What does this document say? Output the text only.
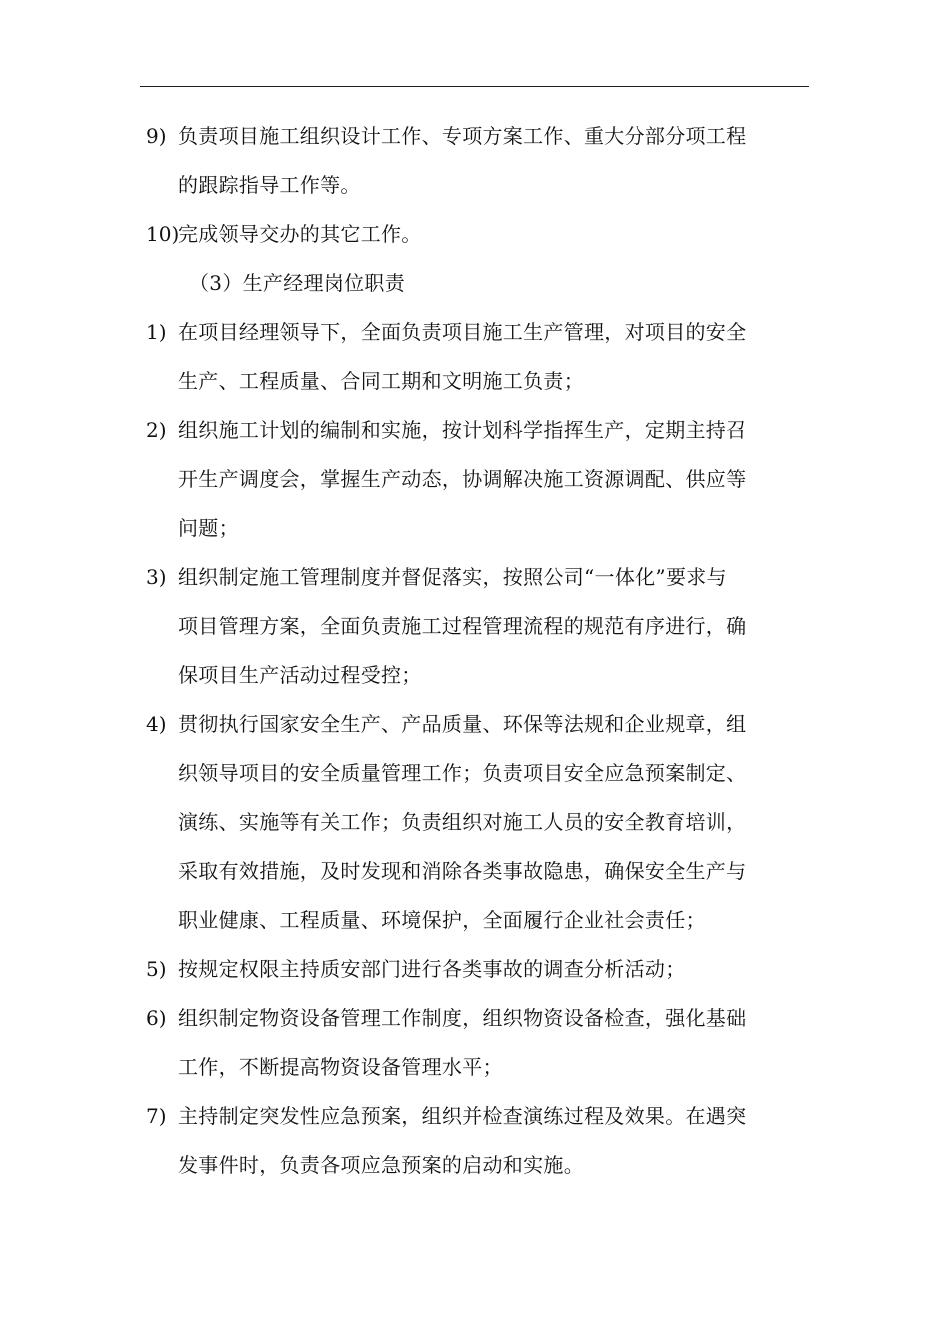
9) 负责项目施工组织设计工作、专项方案工作、重大分部分项工程
的跟踪指导工作等。
10)
完成领导交办的其它工作。
（3）生产经理岗位职责
1) 在项目经理领导下，全面负责项目施工生产管理，对项目的安全
生产、工程质量、合同工期和文明施工负责；
2) 组织施工计划的编制和实施，按计划科学指挥生产，定期主持召
开生产调度会，掌握生产动态，协调解决施工资源调配、供应等
问题；
3) 组织制定施工管理制度并督促落实，按照公司“一体化”要求与
项目管理方案，全面负责施工过程管理流程的规范有序进行，确
保项目生产活动过程受控；
4) 贯彻执行国家安全生产、产品质量、环保等法规和企业规章，组
织领导项目的安全质量管理工作；负责项目安全应急预案制定、
演练、实施等有关工作；负责组织对施工人员的安全教育培训，
采取有效措施，及时发现和消除各类事故隐患，确保安全生产与
职业健康、工程质量、环境保护，全面履行企业社会责任；
5) 按规定权限主持质安部门进行各类事故的调查分析活动；
6) 组织制定物资设备管理工作制度，组织物资设备检查，强化基础
工作，不断提高物资设备管理水平；
7) 主持制定突发性应急预案，组织并检查演练过程及效果。在遇突
发事件时，负责各项应急预案的启动和实施。
